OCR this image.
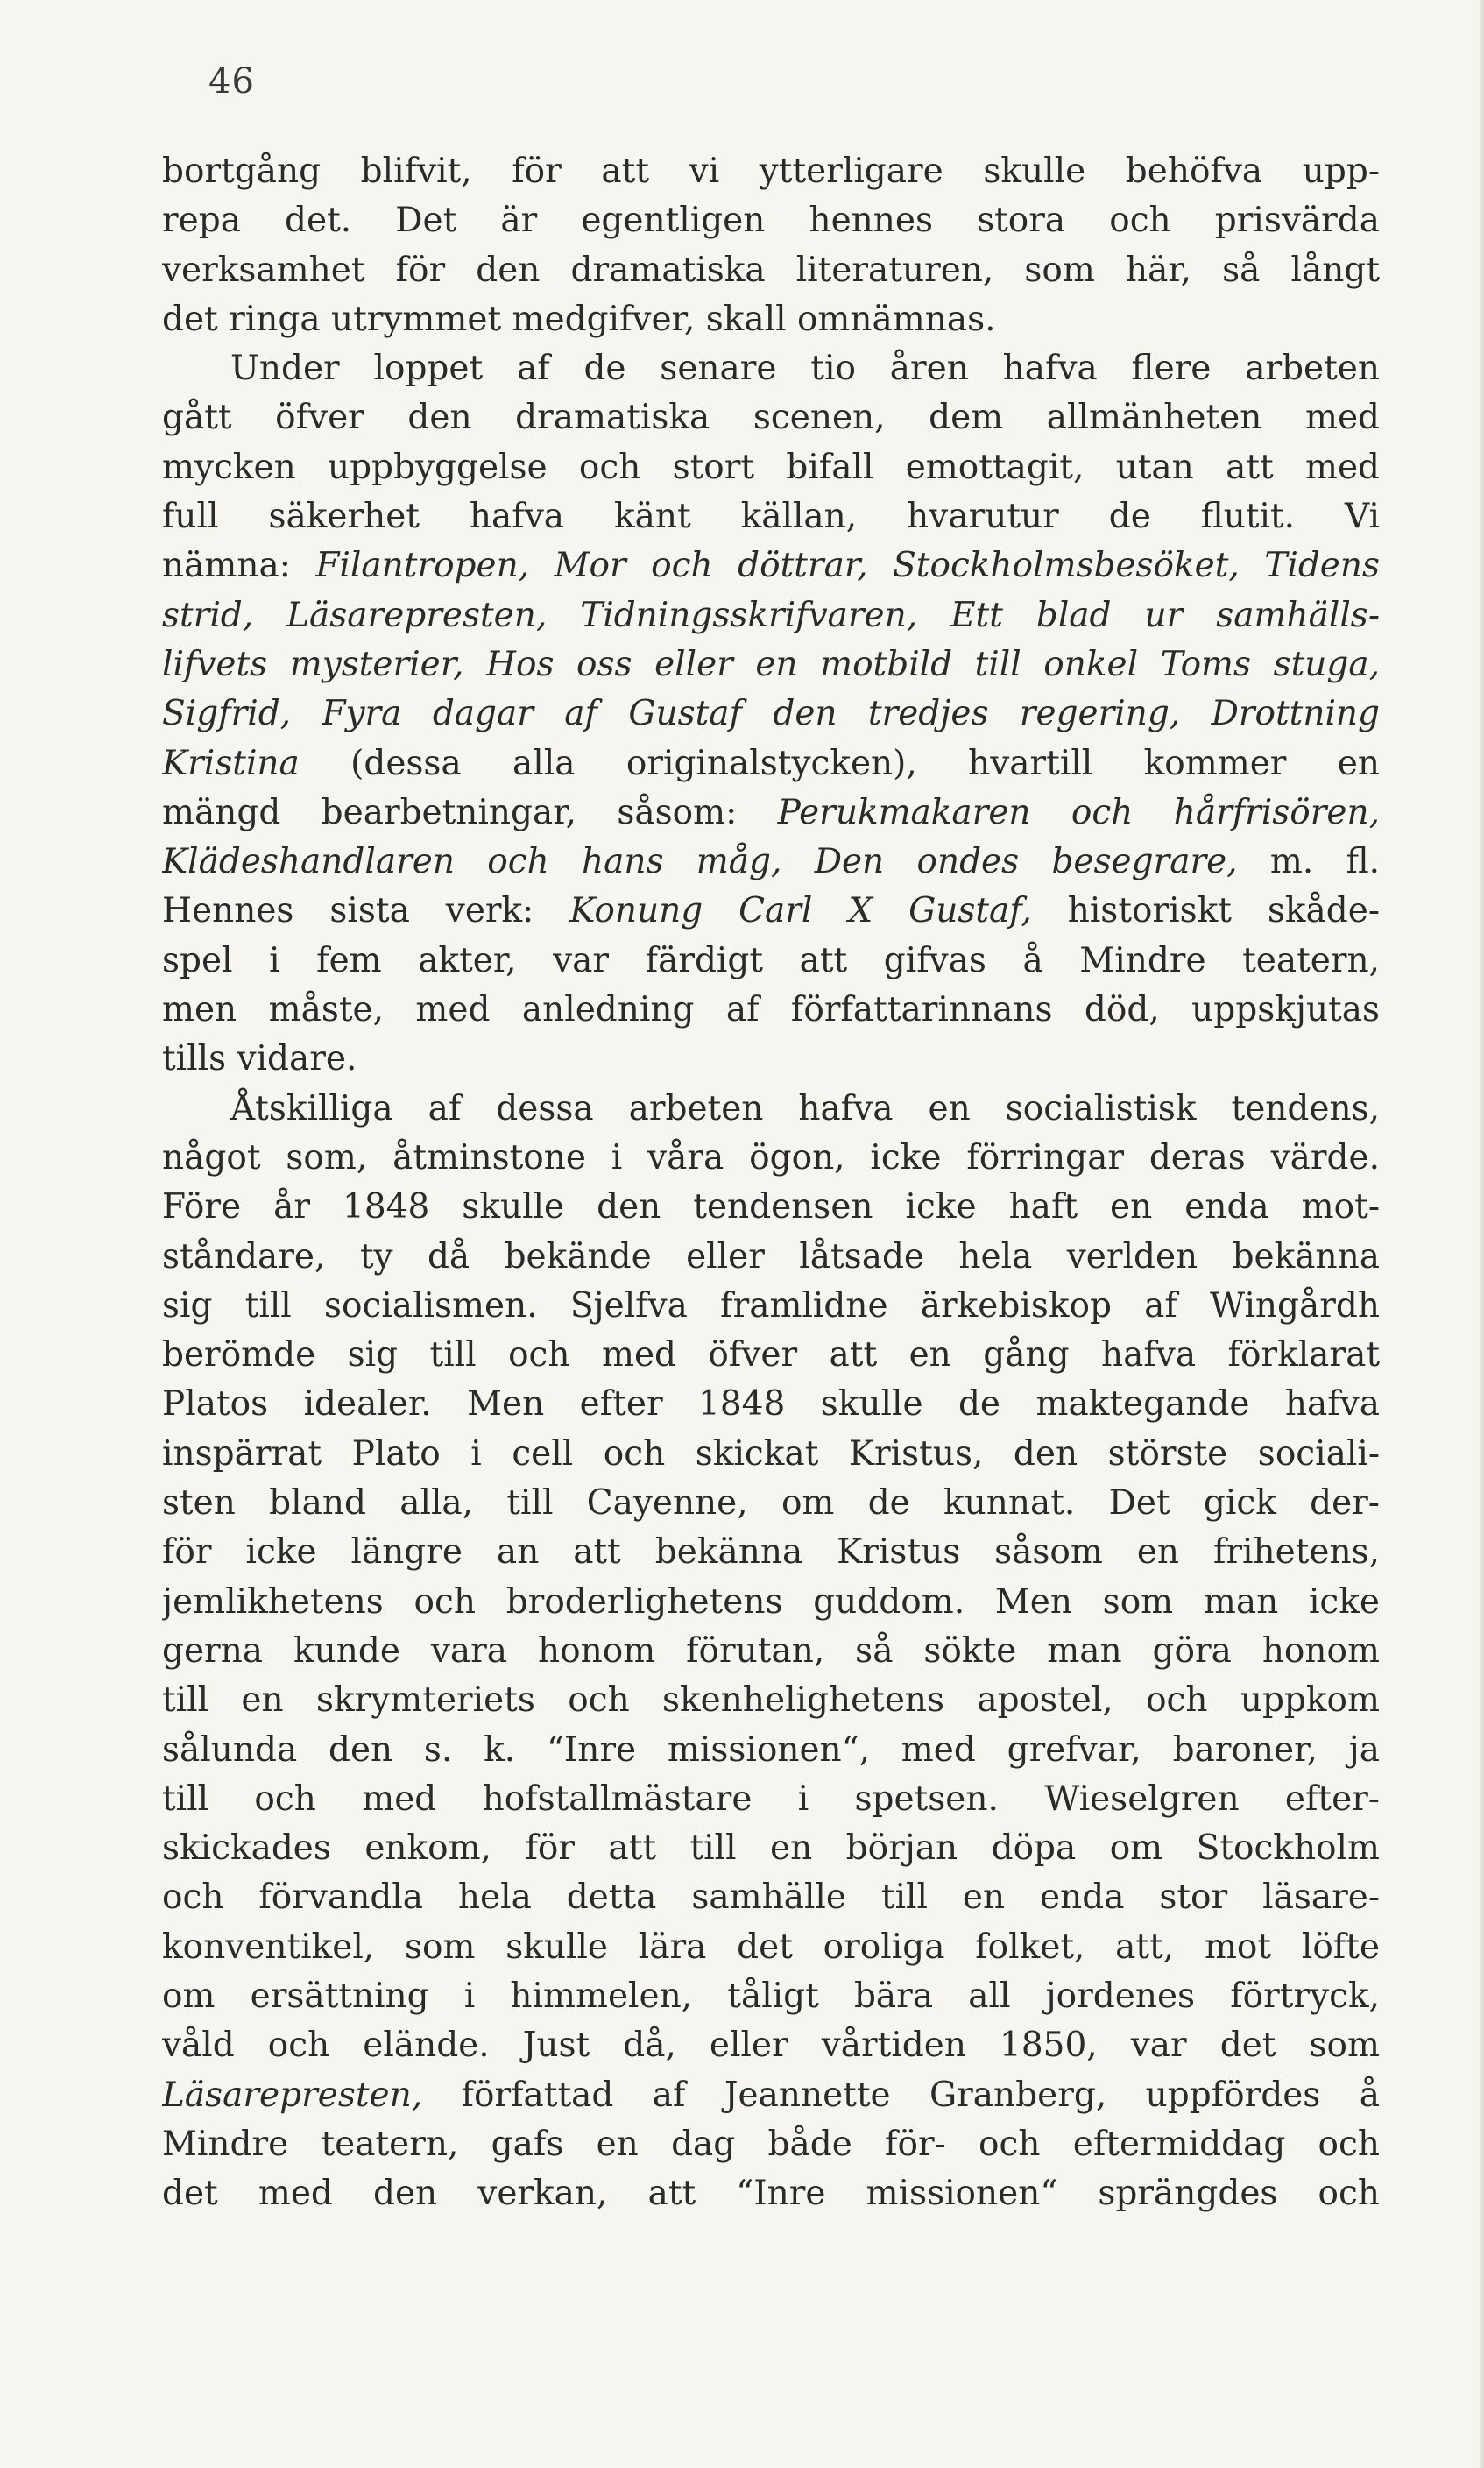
46
bortgång blifvit, för att vi ytterligare skulle behöfva upp-
repa det. Det är egentligen hennes stora och prisvärda
verksamhet för den dramatiska literaturen, som här, så långt
det ringa utrymmet medgifver, skall omnämnas.
  Under loppet af de senare tio åren hafva flere arbeten
gått öfver den dramatiska scenen, dem allmänheten med
mycken uppbyggelse och stort bifall emottagit, utan att med
full säkerhet hafva känt källan, hvarutur de flutit. Vi
nämna: Filantropen, Mor och döttrar, Stockholmsbesöket, Tidens
strid, Läsarepresten, Tidningsskrifvaren, Ett blad ur samhälls-
lifvets mysterier, Hos oss eller en motbild till onkel Toms stuga,
Sigfrid, Fyra dagar af Gustaf den tredjes regering, Drottning
Kristina (dessa alla originalstycken), hvartill kommer en
mängd bearbetningar, såsom: Perukmakaren och hårfrisören,
Klädeshandlaren och hans måg, Den ondes besegrare, m. fl.
Hennes sista verk: Konung Carl X Gustaf, historiskt skåde-
spel i fem akter, var färdigt att gifvas å Mindre teatern,
men måste, med anledning af författarinnans död, uppskjutas
tills vidare.
  Åtskilliga af dessa arbeten hafva en socialistisk tendens,
något som, åtminstone i våra ögon, icke förringar deras värde.
Före år 1848 skulle den tendensen icke haft en enda mot-
ståndare, ty då bekände eller låtsade hela verlden bekänna
sig till socialismen. Sjelfva framlidne ärkebiskop af Wingårdh
berömde sig till och med öfver att en gång hafva förklarat
Platos idealer. Men efter 1848 skulle de maktegande hafva
inspärrat Plato i cell och skickat Kristus, den störste sociali-
sten bland alla, till Cayenne, om de kunnat. Det gick der-
för icke längre an att bekänna Kristus såsom en frihetens,
jemlikhetens och broderlighetens guddom. Men som man icke
gerna kunde vara honom förutan, så sökte man göra honom
till en skrymteriets och skenhelighetens apostel, och uppkom
sålunda den s. k. “Inre missionen“, med grefvar, baroner, ja
till och med hofstallmästare i spetsen. Wieselgren efter-
skickades enkom, för att till en början döpa om Stockholm
och förvandla hela detta samhälle till en enda stor läsare-
konventikel, som skulle lära det oroliga folket, att, mot löfte
om ersättning i himmelen, tåligt bära all jordenes förtryck,
våld och elände. Just då, eller vårtiden 1850, var det som
Läsarepresten, författad af Jeannette Granberg, uppfördes å
Mindre teatern, gafs en dag både för- och eftermiddag och
det med den verkan, att “Inre missionen“ sprängdes och
